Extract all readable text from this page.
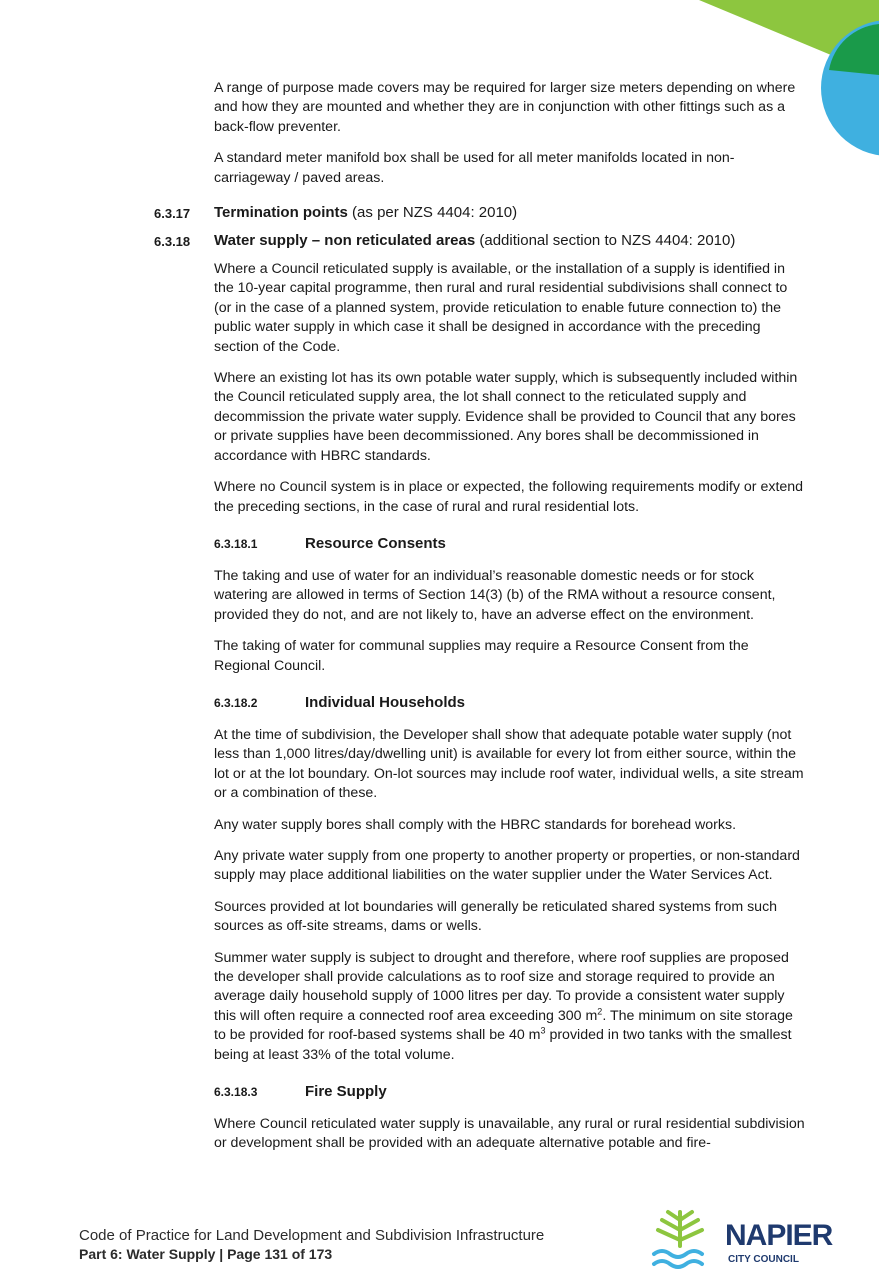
A range of purpose made covers may be required for larger size meters depending on where and how they are mounted and whether they are in conjunction with other fittings such as a back-flow preventer.

A standard meter manifold box shall be used for all meter manifolds located in non-carriageway / paved areas.

6.3.17 Termination points (as per NZS 4404: 2010)
6.3.18 Water supply – non reticulated areas (additional section to NZS 4404: 2010)

Where a Council reticulated supply is available, or the installation of a supply is identified in the 10-year capital programme, then rural and rural residential subdivisions shall connect to (or in the case of a planned system, provide reticulation to enable future connection to) the public water supply in which case it shall be designed in accordance with the preceding section of the Code.

Where an existing lot has its own potable water supply, which is subsequently included within the Council reticulated supply area, the lot shall connect to the reticulated supply and decommission the private water supply. Evidence shall be provided to Council that any bores or private supplies have been decommissioned. Any bores shall be decommissioned in accordance with HBRC standards.

Where no Council system is in place or expected, the following requirements modify or extend the preceding sections, in the case of rural and rural residential lots.

6.3.18.1	Resource Consents

The taking and use of water for an individual’s reasonable domestic needs or for stock watering are allowed in terms of Section 14(3) (b) of the RMA without a resource consent, provided they do not, and are not likely to, have an adverse effect on the environment.

The taking of water for communal supplies may require a Resource Consent from the Regional Council.

6.3.18.2	Individual Households

At the time of subdivision, the Developer shall show that adequate potable water supply (not less than 1,000 litres/day/dwelling unit) is available for every lot from either source, within the lot or at the lot boundary. On-lot sources may include roof water, individual wells, a site stream or a combination of these.

Any water supply bores shall comply with the HBRC standards for borehead works.

Any private water supply from one property to another property or properties, or non-standard supply may place additional liabilities on the water supplier under the Water Services Act.

Sources provided at lot boundaries will generally be reticulated shared systems from such sources as off-site streams, dams or wells.

Summer water supply is subject to drought and therefore, where roof supplies are proposed the developer shall provide calculations as to roof size and storage required to provide an average daily household supply of 1000 litres per day. To provide a consistent water supply this will often require a connected roof area exceeding 300 $m^2$. The minimum on site storage to be provided for roof-based systems shall be 40 $m^3$ provided in two tanks with the smallest being at least 33% of the total volume.

6.3.18.3	Fire Supply

Where Council reticulated water supply is unavailable, any rural or rural residential subdivision or development shall be provided with an adequate alternative potable and fire-

Code of Practice for Land Development and Subdivision Infrastructure
Part 6: Water Supply | Page 131 of 173
NAPIER
CITY COUNCIL
